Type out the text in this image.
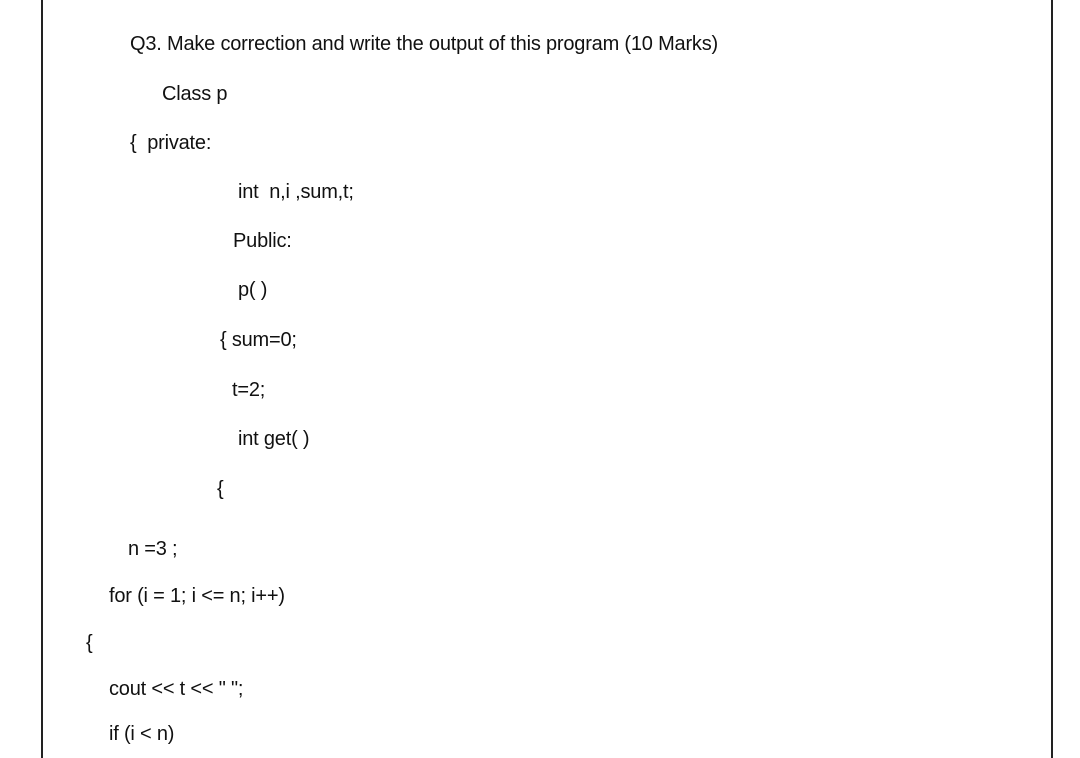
Q3. Make correction and write the output of this program (10 Marks)
Class p
{  private:
int  n,i ,sum,t;
Public:
p( )
{ sum=0;
t=2;
int get( )
{
n =3 ;
for (i = 1; i <= n; i++)
{
cout << t << " ";
if (i < n)
